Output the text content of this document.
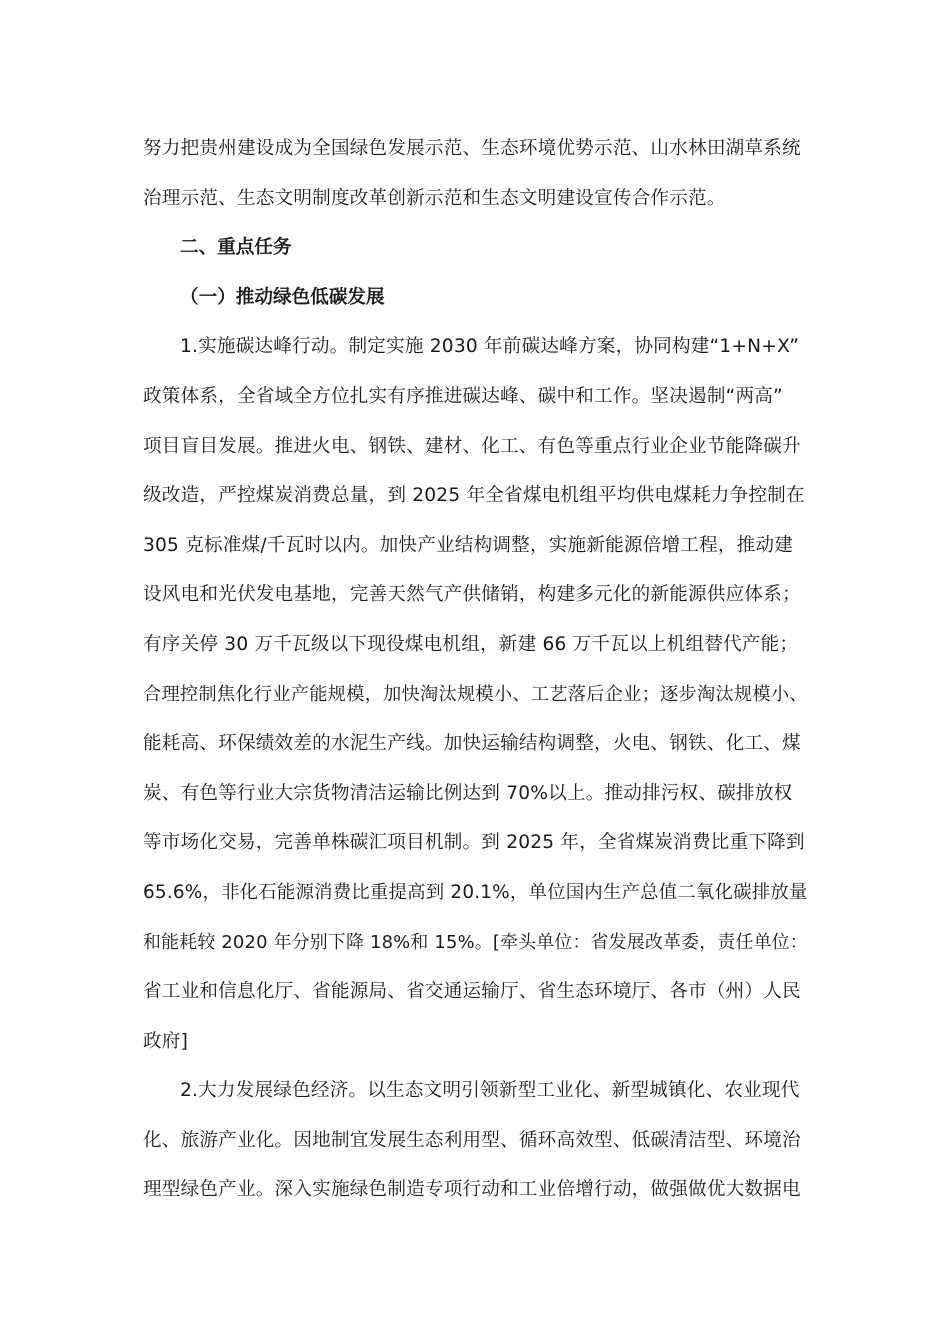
努力把贵州建设成为全国绿色发展示范、生态环境优势示范、山水林田湖草系统
治理示范、生态文明制度改革创新示范和生态文明建设宣传合作示范。

二、重点任务

（一）推动绿色低碳发展

1.实施碳达峰行动。制定实施 2030 年前碳达峰方案，协同构建“1+N+X”
政策体系，全省域全方位扎实有序推进碳达峰、碳中和工作。坚决遏制“两高”
项目盲目发展。推进火电、钢铁、建材、化工、有色等重点行业企业节能降碳升
级改造，严控煤炭消费总量，到 2025 年全省煤电机组平均供电煤耗力争控制在
305 克标准煤/千瓦时以内。加快产业结构调整，实施新能源倍增工程，推动建
设风电和光伏发电基地，完善天然气产供储销，构建多元化的新能源供应体系；
有序关停 30 万千瓦级以下现役煤电机组，新建 66 万千瓦以上机组替代产能；
合理控制焦化行业产能规模，加快淘汰规模小、工艺落后企业；逐步淘汰规模小、
能耗高、环保绩效差的水泥生产线。加快运输结构调整，火电、钢铁、化工、煤
炭、有色等行业大宗货物清洁运输比例达到 70%以上。推动排污权、碳排放权
等市场化交易，完善单株碳汇项目机制。到 2025 年，全省煤炭消费比重下降到
65.6%，非化石能源消费比重提高到 20.1%，单位国内生产总值二氧化碳排放量
和能耗较 2020 年分别下降 18%和 15%。[牵头单位：省发展改革委，责任单位：
省工业和信息化厅、省能源局、省交通运输厅、省生态环境厅、各市（州）人民
政府]

2.大力发展绿色经济。以生态文明引领新型工业化、新型城镇化、农业现代
化、旅游产业化。因地制宜发展生态利用型、循环高效型、低碳清洁型、环境治
理型绿色产业。深入实施绿色制造专项行动和工业倍增行动，做强做优大数据电
